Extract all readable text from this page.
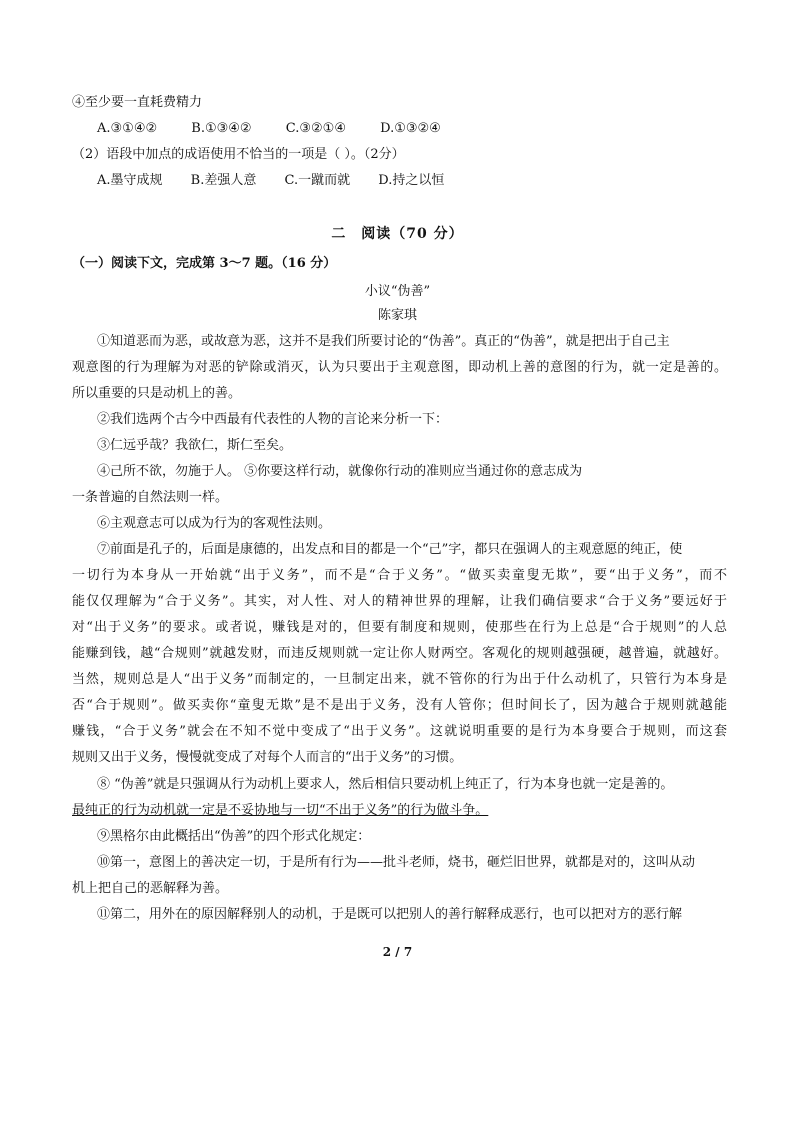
④至少要一直耗费精力
A.③①④②	B.①③④②	C.③②①④	D.①③②④
（2）语段中加点的成语使用不恰当的一项是（ ）。（2分）
A.墨守成规 B.差强人意 C.一蹴而就 D.持之以恒
二　阅读（70 分）
（一）阅读下文，完成第 3～7 题。（16 分）
小议“伪善”
陈家琪
①知道恶而为恶，或故意为恶，这并不是我们所要讨论的“伪善”。真正的“伪善”，就是把出于自己主
观意图的行为理解为对恶的铲除或消灭，认为只要出于主观意图，即动机上善的意图的行为，就一定是善的。
所以重要的只是动机上的善。
②我们选两个古今中西最有代表性的人物的言论来分析一下：
③仁远乎哉？我欲仁，斯仁至矣。
④己所不欲，勿施于人。 ⑤你要这样行动，就像你行动的准则应当通过你的意志成为
一条普遍的自然法则一样。
⑥主观意志可以成为行为的客观性法则。
⑦前面是孔子的，后面是康德的，出发点和目的都是一个“己”字，都只在强调人的主观意愿的纯正，使
一切行为本身从一开始就“出于义务”，而不是“合于义务”。“做买卖童叟无欺”，要“出于义务”，而不
能仅仅理解为“合于义务”。其实，对人性、对人的精神世界的理解，让我们确信要求“合于义务”要远好于
对“出于义务”的要求。或者说，赚钱是对的，但要有制度和规则，使那些在行为上总是“合于规则”的人总
能赚到钱，越“合规则”就越发财，而违反规则就一定让你人财两空。客观化的规则越强硬，越普遍，就越好。
当然，规则总是人“出于义务”而制定的，一旦制定出来，就不管你的行为出于什么动机了，只管行为本身是
否“合于规则”。做买卖你“童叟无欺”是不是出于义务，没有人管你；但时间长了，因为越合于规则就越能
赚钱，“合于义务”就会在不知不觉中变成了“出于义务”。这就说明重要的是行为本身要合于规则，而这套
规则又出于义务，慢慢就变成了对每个人而言的“出于义务”的习惯。
⑧ “伪善”就是只强调从行为动机上要求人，然后相信只要动机上纯正了，行为本身也就一定是善的。
最纯正的行为动机就一定是不妥协地与一切“不出于义务”的行为做斗争。
⑨黑格尔由此概括出“伪善”的四个形式化规定：
⑩第一，意图上的善决定一切，于是所有行为——批斗老师，烧书，砸烂旧世界，就都是对的，这叫从动
机上把自己的恶解释为善。
⑪第二，用外在的原因解释别人的动机，于是既可以把别人的善行解释成恶行，也可以把对方的恶行解
2 / 7
